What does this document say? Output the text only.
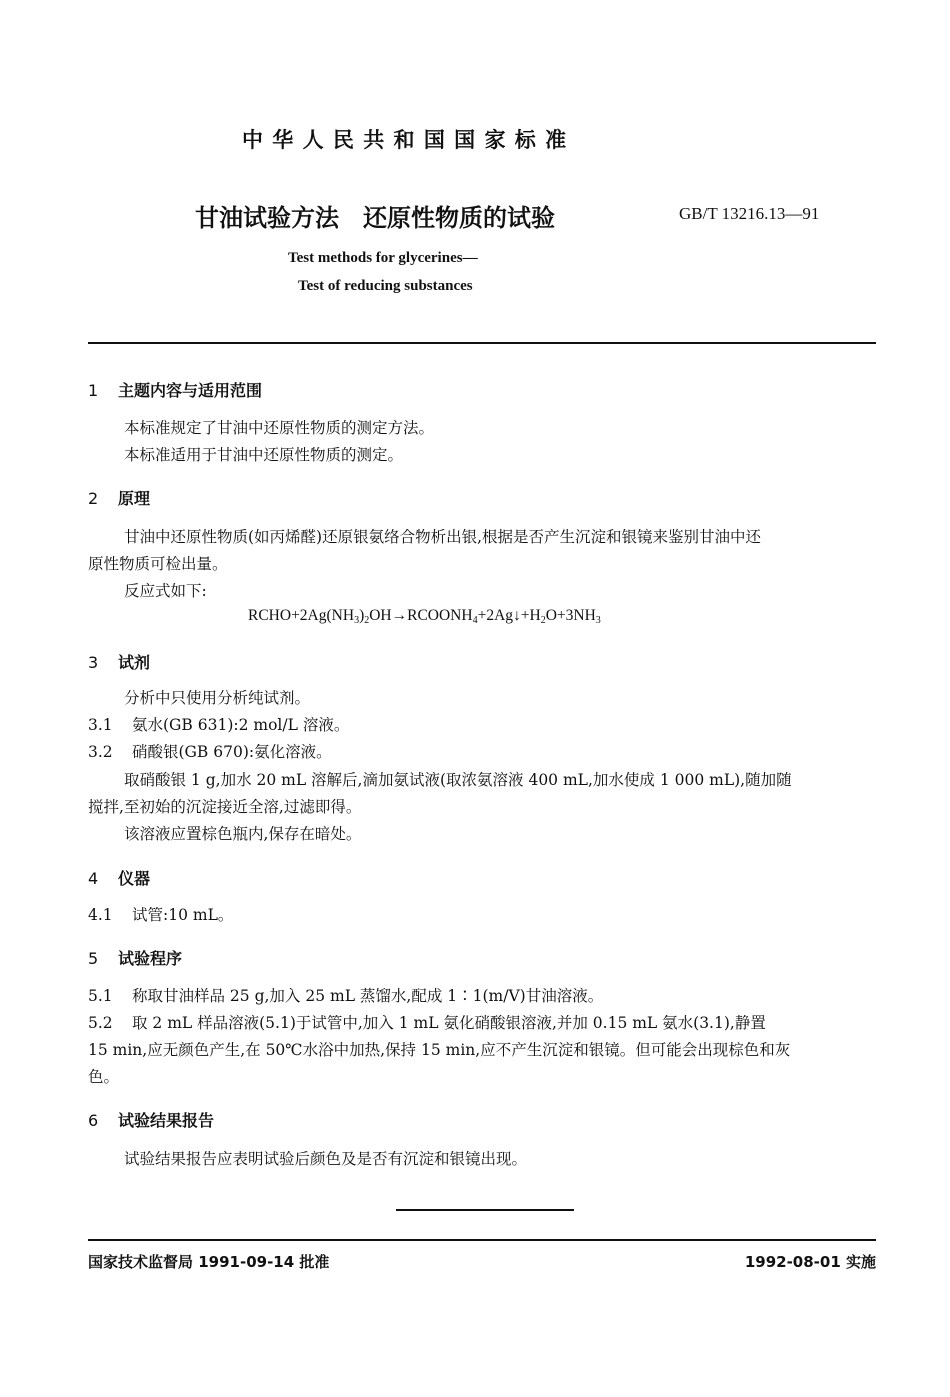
中 华 人 民 共 和 国 国 家 标 准
甘油试验方法　还原性物质的试验	GB/T 13216.13—91
Test methods for glycerines—
Test of reducing substances
1 主题内容与适用范围
本标准规定了甘油中还原性物质的测定方法。
本标准适用于甘油中还原性物质的测定。
2 原理
甘油中还原性物质(如丙烯醛)还原银氨络合物析出银,根据是否产生沉淀和银镜来鉴别甘油中还
原性物质可检出量。
反应式如下:
$RCHO+2Ag(NH_3)_2OH\to RCOONH_4+2Ag↓+H_2O+3NH_3$
3 试剂
分析中只使用分析纯试剂。
3.1 氨水(GB 631):2 mol/L 溶液。
3.2 硝酸银(GB 670):氨化溶液。
取硝酸银 1 g,加水 20 mL 溶解后,滴加氨试液(取浓氨溶液 400 mL,加水使成 1 000 mL),随加随
搅拌,至初始的沉淀接近全溶,过滤即得。
该溶液应置棕色瓶内,保存在暗处。
4 仪器
4.1 试管:10 mL。
5 试验程序
5.1 称取甘油样品 25 g,加入 25 mL 蒸馏水,配成 1∶1(m/V)甘油溶液。
5.2 取 2 mL 样品溶液(5.1)于试管中,加入 1 mL 氨化硝酸银溶液,并加 0.15 mL 氨水(3.1),静置
15 min,应无颜色产生,在 50℃水浴中加热,保持 15 min,应不产生沉淀和银镜。但可能会出现棕色和灰
色。
6 试验结果报告
试验结果报告应表明试验后颜色及是否有沉淀和银镜出现。
国家技术监督局 1991-09-14 批准	1992-08-01 实施
